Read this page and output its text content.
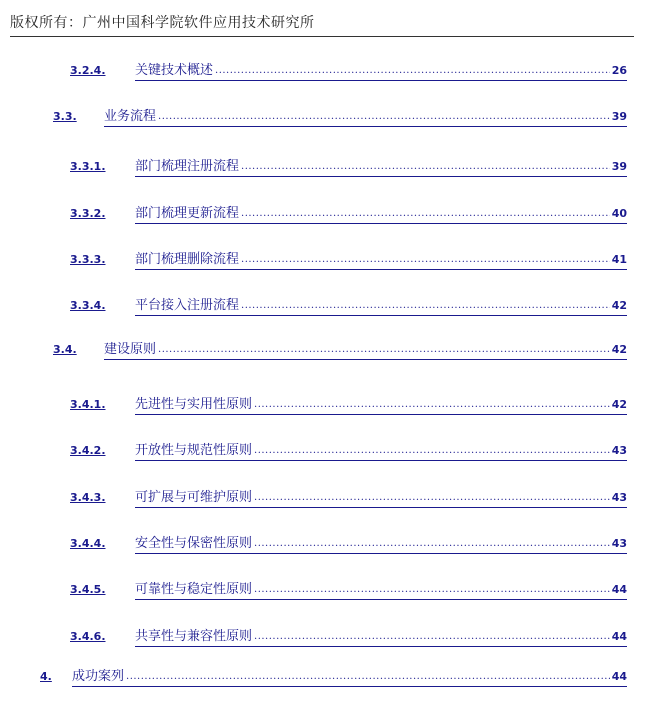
版权所有：广州中国科学院软件应用技术研究所
3.2.4. 关键技术概述 .....	26
3.3. 业务流程 .....	39
3.3.1. 部门梳理注册流程 .....	39
3.3.2. 部门梳理更新流程 .....	40
3.3.3. 部门梳理删除流程 .....	41
3.3.4. 平台接入注册流程 .....	42
3.4. 建设原则 .....	42
3.4.1. 先进性与实用性原则 .....	42
3.4.2. 开放性与规范性原则 .....	43
3.4.3. 可扩展与可维护原则 .....	43
3.4.4. 安全性与保密性原则 .....	43
3.4.5. 可靠性与稳定性原则 .....	44
3.4.6. 共享性与兼容性原则 .....	44
4. 成功案列 .....	44
